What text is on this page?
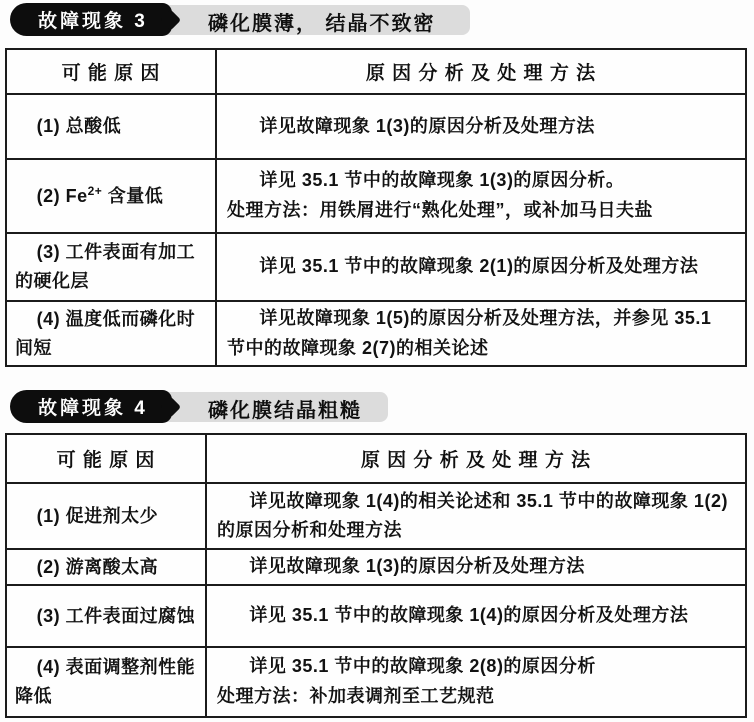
故障现象 3	磷化膜薄， 结晶不致密
可 能 原 因	原 因 分 析 及 处 理 方 法

(1) 总酸低	详见故障现象 1(3)的原因分析及处理方法

(2) $Fe^{2+}$ 含量低	详见 35.1 节中的故障现象 1(3)的原因分析。
处理方法：用铁屑进行“熟化处理”，或补加马日夫盐

(3) 工件表面有加工的硬化层	详见 35.1 节中的故障现象 2(1)的原因分析及处理方法

(4) 温度低而磷化时间短	详见故障现象 1(5)的原因分析及处理方法，并参见 35.1 节中的故障现象 2(7)的相关论述
故障现象 4	磷化膜结晶粗糙
可 能 原 因	原 因 分 析 及 处 理 方 法

(1) 促进剂太少	详见故障现象 1(4)的相关论述和 35.1 节中的故障现象 1(2)的原因分析和处理方法

(2) 游离酸太高	详见故障现象 1(3)的原因分析及处理方法

(3) 工件表面过腐蚀	详见 35.1 节中的故障现象 1(4)的原因分析及处理方法

(4) 表面调整剂性能降低	详见 35.1 节中的故障现象 2(8)的原因分析
处理方法：补加表调剂至工艺规范
